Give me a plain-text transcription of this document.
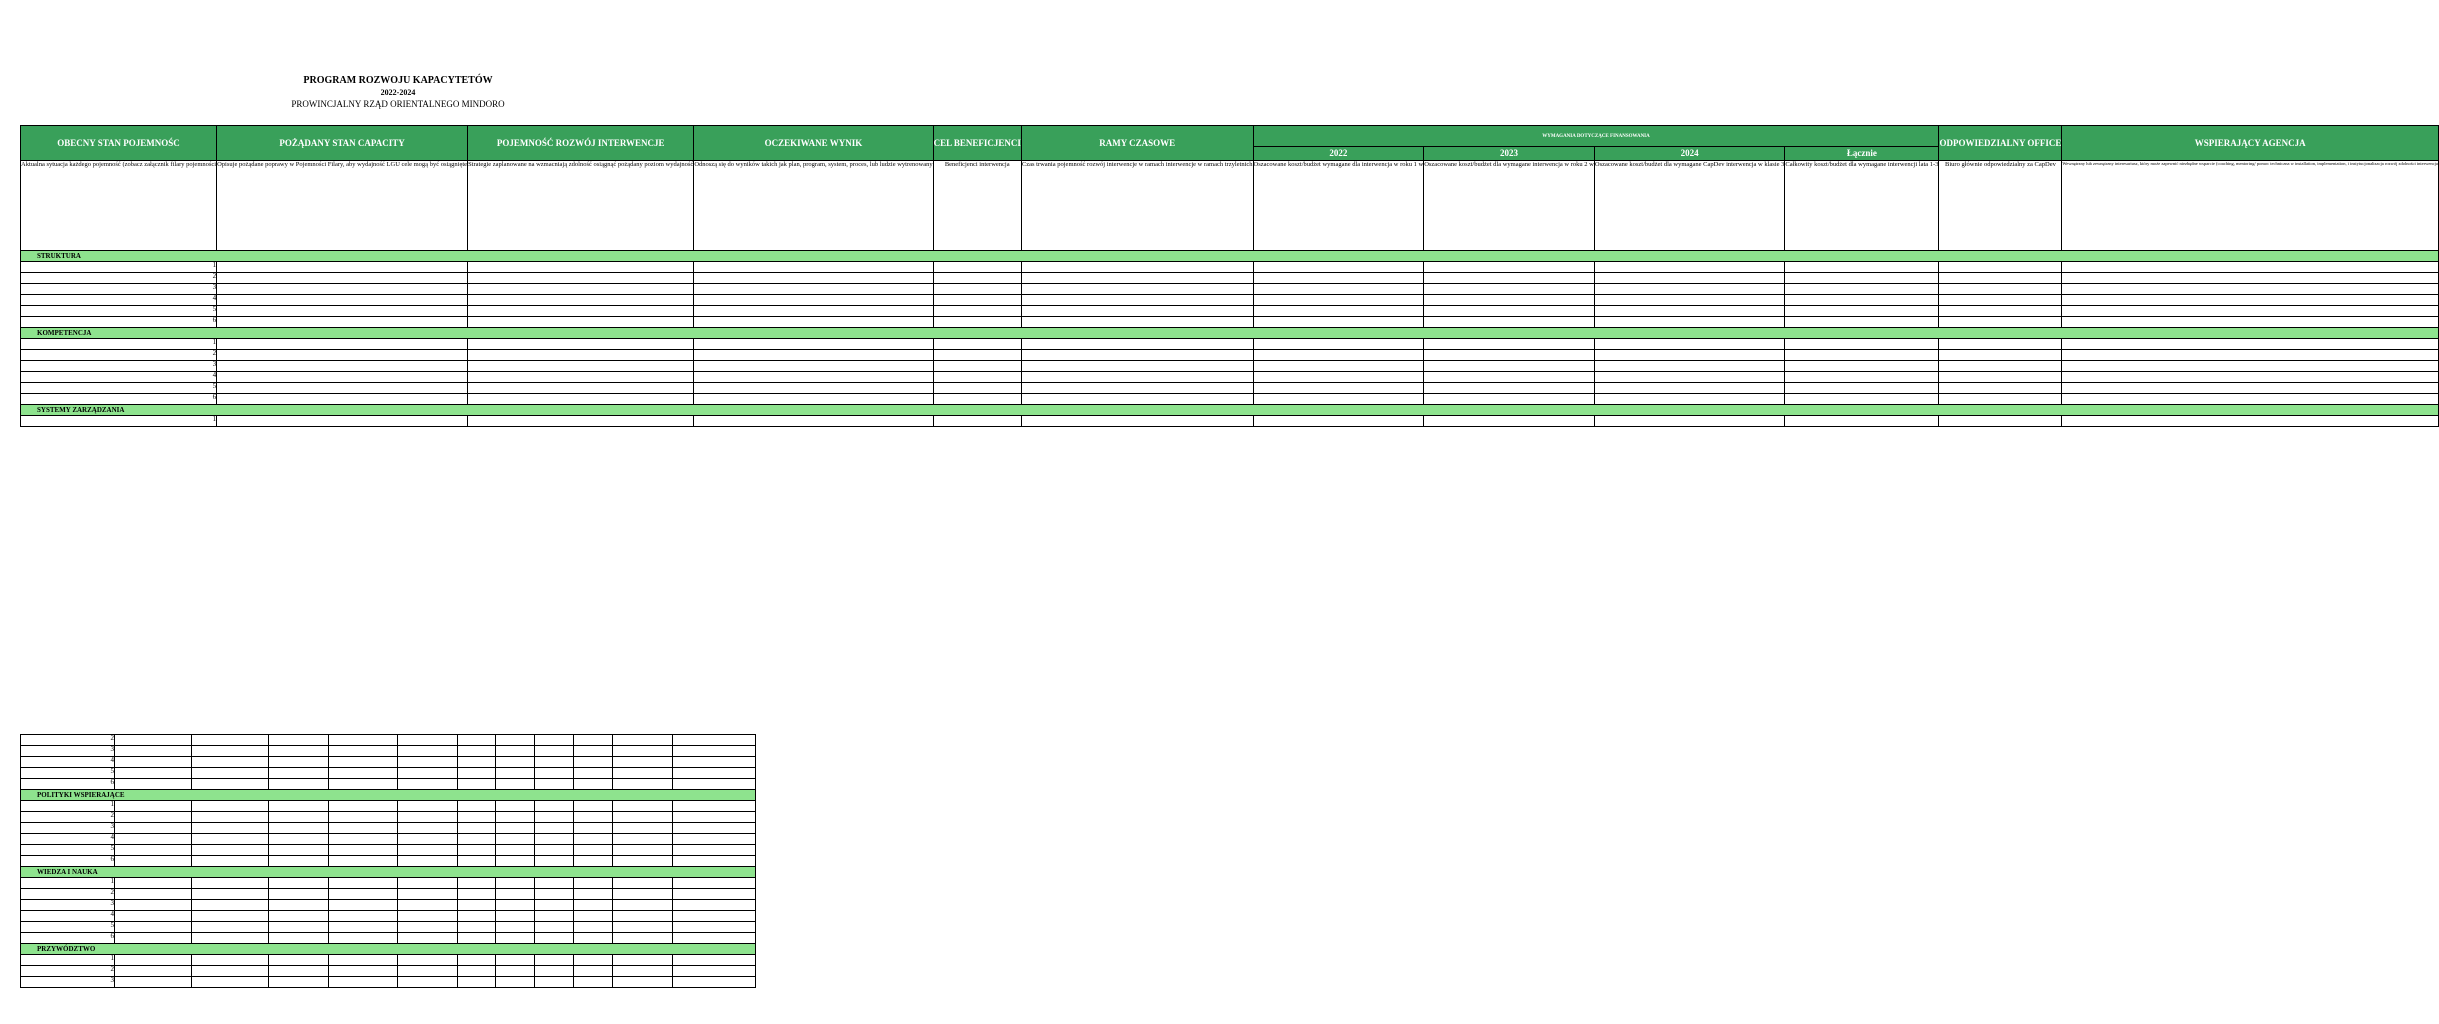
PROGRAM ROZWOJU KAPACYTETÓW
2022-2024
PROWINCJALNY RZĄD ORIENTALNEGO MINDORO
OBECNY STAN POJEMNOŚC	POŻĄDANY STAN CAPACITY	POJEMNOŚĆ ROZWÓJ INTERWENCJE	OCZEKIWANE WYNIK	CEL BENEFICJENCI	RAMY CZASOWE	WYMAGANIA DOTYCZĄCE FINANSOWANIA				ODPOWIEDZIALNY OFFICE	WSPIERAJĄCY AGENCJA
						2022	2023	2024	Łącznie		
Aktualna sytuacja każdego pojemność (zobacz załącznik filary pojemności	Opisuje pożądane poprawy w Pojemności Filary, aby wydajność LGU cele mogą być osiągnięte	Strategie zaplanowane na wzmacniają zdolność osiągnąć pożądany poziom wydajność	Odnoszą się do wyników takich jak plan, program, system, proces, lub ludzie wytrenowany	Beneficjenci interwencja	Czas trwania pojemność rozwój interwencje w ramach interwencje w ramach trzyletnich	Oszacowane koszt/budżet wymagane dla interwencja w roku 1 w	Oszacowane koszt/budżet dla wymagane interwencja w roku 2 w	Oszacowane koszt/budżet dla wymagane CapDev interwencja w klasie 3	Całkowity koszt/budżet dla wymagane interwencji lata 1-3	Biuro głównie odpowiedzialny za CapDev	Wewnętrzny lub zewnętrzny interesariusz, który może zapewnić niezbędne wsparcie (coaching, mentoring/ pomoc techniczna w installation, implementation, i instytucjonalizacja rozwój zdolności interwencja
STRUKTURA											
1											
2											
3											
4											
5											
6											
KOMPETENCJA											
1											
2											
3											
4											
5											
6											
SYSTEMY ZARZĄDZANIA											
1											
2											
3											
4											
5											
6											
POLITYKI WSPIERAJĄCE											
1											
2											
3											
4											
5											
6											
WIEDZA I NAUKA											
1											
2											
3											
4											
5											
6											
PRZYWÓDZTWO											
1											
2											
3											
